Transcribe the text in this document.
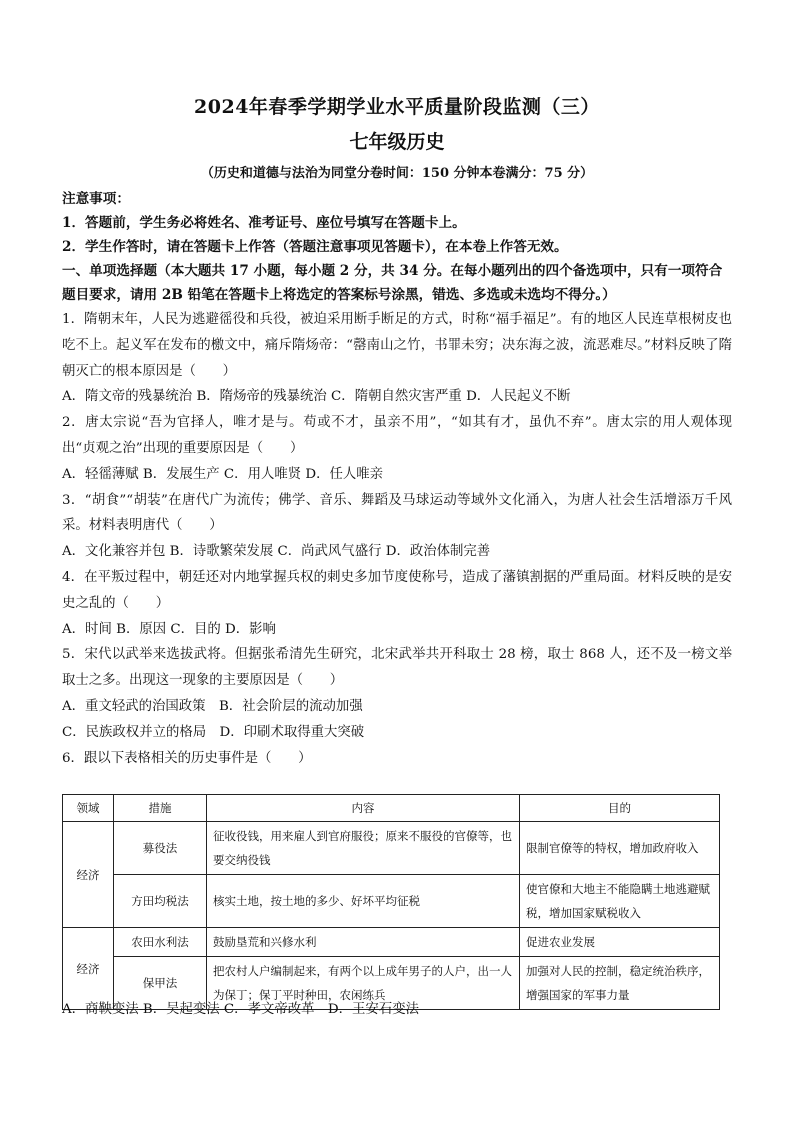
2024年春季学期学业水平质量阶段监测（三）
七年级历史
（历史和道德与法治为同堂分卷时间：150 分钟本卷满分：75 分）
注意事项：
1．答题前，学生务必将姓名、准考证号、座位号填写在答题卡上。
2．学生作答时，请在答题卡上作答（答题注意事项见答题卡），在本卷上作答无效。
一、单项选择题（本大题共 17 小题，每小题 2 分，共 34 分。在每小题列出的四个备选项中，只有一项符合题目要求，请用 2B 铅笔在答题卡上将选定的答案标号涂黑，错选、多选或未选均不得分。）
1．隋朝末年，人民为逃避徭役和兵役，被迫采用断手断足的方式，时称“福手福足”。有的地区人民连草根树皮也吃不上。起义军在发布的檄文中，痛斥隋炀帝：“罄南山之竹，书罪未穷；决东海之波，流恶难尽。”材料反映了隋朝灭亡的根本原因是（　　）
A．隋文帝的残暴统治 B．隋炀帝的残暴统治 C．隋朝自然灾害严重 D．人民起义不断
2．唐太宗说“吾为官择人，唯才是与。苟或不才，虽亲不用”，“如其有才，虽仇不弃”。唐太宗的用人观体现出“贞观之治”出现的重要原因是（　　）
A．轻徭薄赋 B．发展生产 C．用人唯贤 D．任人唯亲
3．“胡食”“胡装”在唐代广为流传；佛学、音乐、舞蹈及马球运动等域外文化涌入，为唐人社会生活增添万千风采。材料表明唐代（　　）
A．文化兼容并包 B．诗歌繁荣发展 C．尚武风气盛行 D．政治体制完善
4．在平叛过程中，朝廷还对内地掌握兵权的刺史多加节度使称号，造成了藩镇割据的严重局面。材料反映的是安史之乱的（　　）
A．时间 B．原因 C．目的 D．影响
5．宋代以武举来选拔武将。但据张希清先生研究，北宋武举共开科取士 28 榜，取士 868 人，还不及一榜文举取士之多。出现这一现象的主要原因是（　　）
A．重文轻武的治国政策　B．社会阶层的流动加强
C．民族政权并立的格局　D．印刷术取得重大突破
6．跟以下表格相关的历史事件是（　　）
领域	措施	内容	目的
经济	募役法	征收役钱，用来雇人到官府服役；原来不服役的官僚等，也要交纳役钱	限制官僚等的特权，增加政府收入
	方田均税法	核实土地，按土地的多少、好坏平均征税	使官僚和大地主不能隐瞒土地逃避赋税，增加国家赋税收入
经济	农田水利法	鼓励垦荒和兴修水利	促进农业发展
	保甲法	把农村人户编制起来，有两个以上成年男子的人户，出一人为保丁；保丁平时种田，农闲练兵	加强对人民的控制，稳定统治秩序，增强国家的军事力量
A．商鞅变法 B．吴起变法 C．孝文帝改革　D．王安石变法
